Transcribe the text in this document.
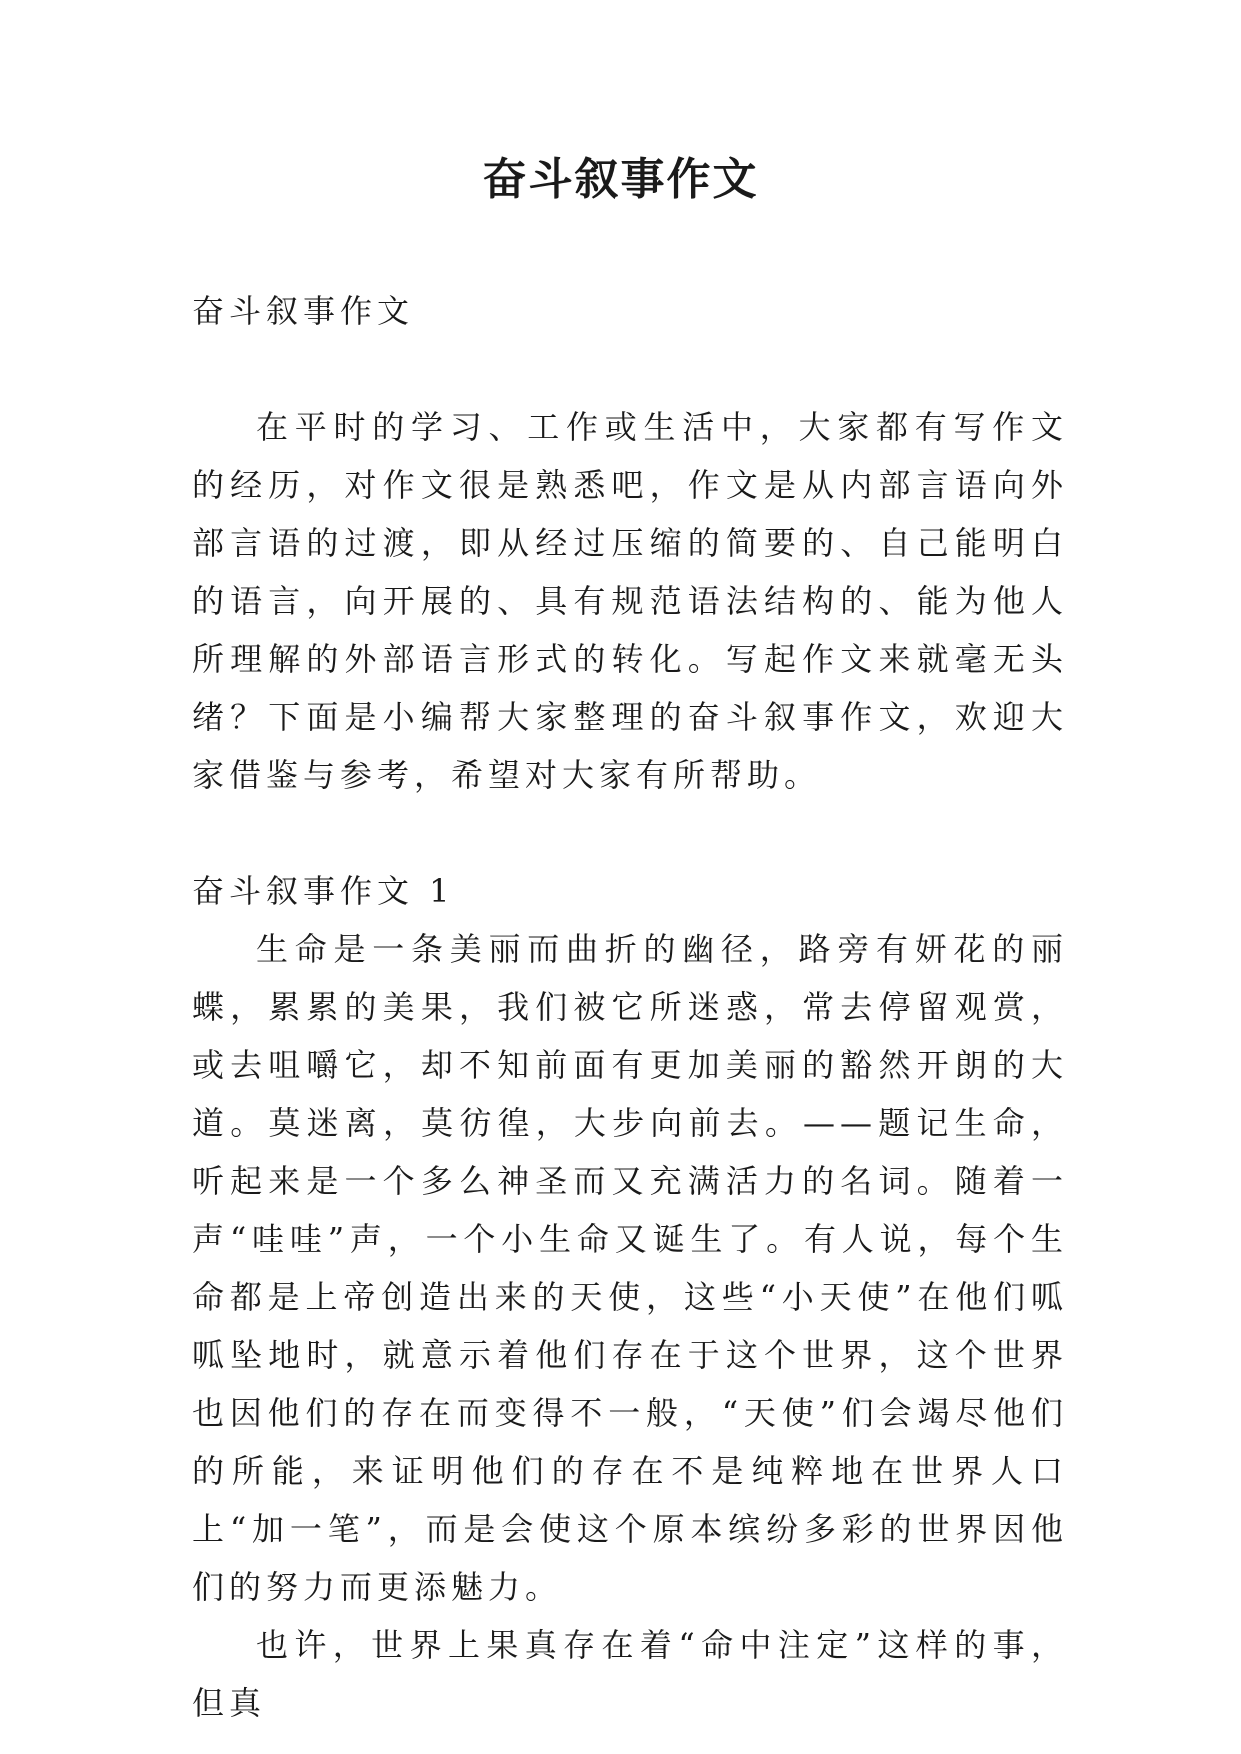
奋斗叙事作文

奋斗叙事作文

在平时的学习、工作或生活中，大家都有写作文的经历，对作文很是熟悉吧，作文是从内部言语向外部言语的过渡，即从经过压缩的简要的、自己能明白的语言，向开展的、具有规范语法结构的、能为他人所理解的外部语言形式的转化。写起作文来就毫无头绪？下面是小编帮大家整理的奋斗叙事作文，欢迎大家借鉴与参考，希望对大家有所帮助。

奋斗叙事作文 1

生命是一条美丽而曲折的幽径，路旁有妍花的丽蝶，累累的美果，我们被它所迷惑，常去停留观赏，或去咀嚼它，却不知前面有更加美丽的豁然开朗的大道。莫迷离，莫彷徨，大步向前去。——题记生命，听起来是一个多么神圣而又充满活力的名词。随着一声“哇哇”声，一个小生命又诞生了。有人说，每个生命都是上帝创造出来的天使，这些“小天使”在他们呱呱坠地时，就意示着他们存在于这个世界，这个世界也因他们的存在而变得不一般，“天使”们会竭尽他们的所能，来证明他们的存在不是纯粹地在世界人口上“加一笔”，而是会使这个原本缤纷多彩的世界因他们的努力而更添魅力。

也许，世界上果真存在着“命中注定”这样的事，但真
